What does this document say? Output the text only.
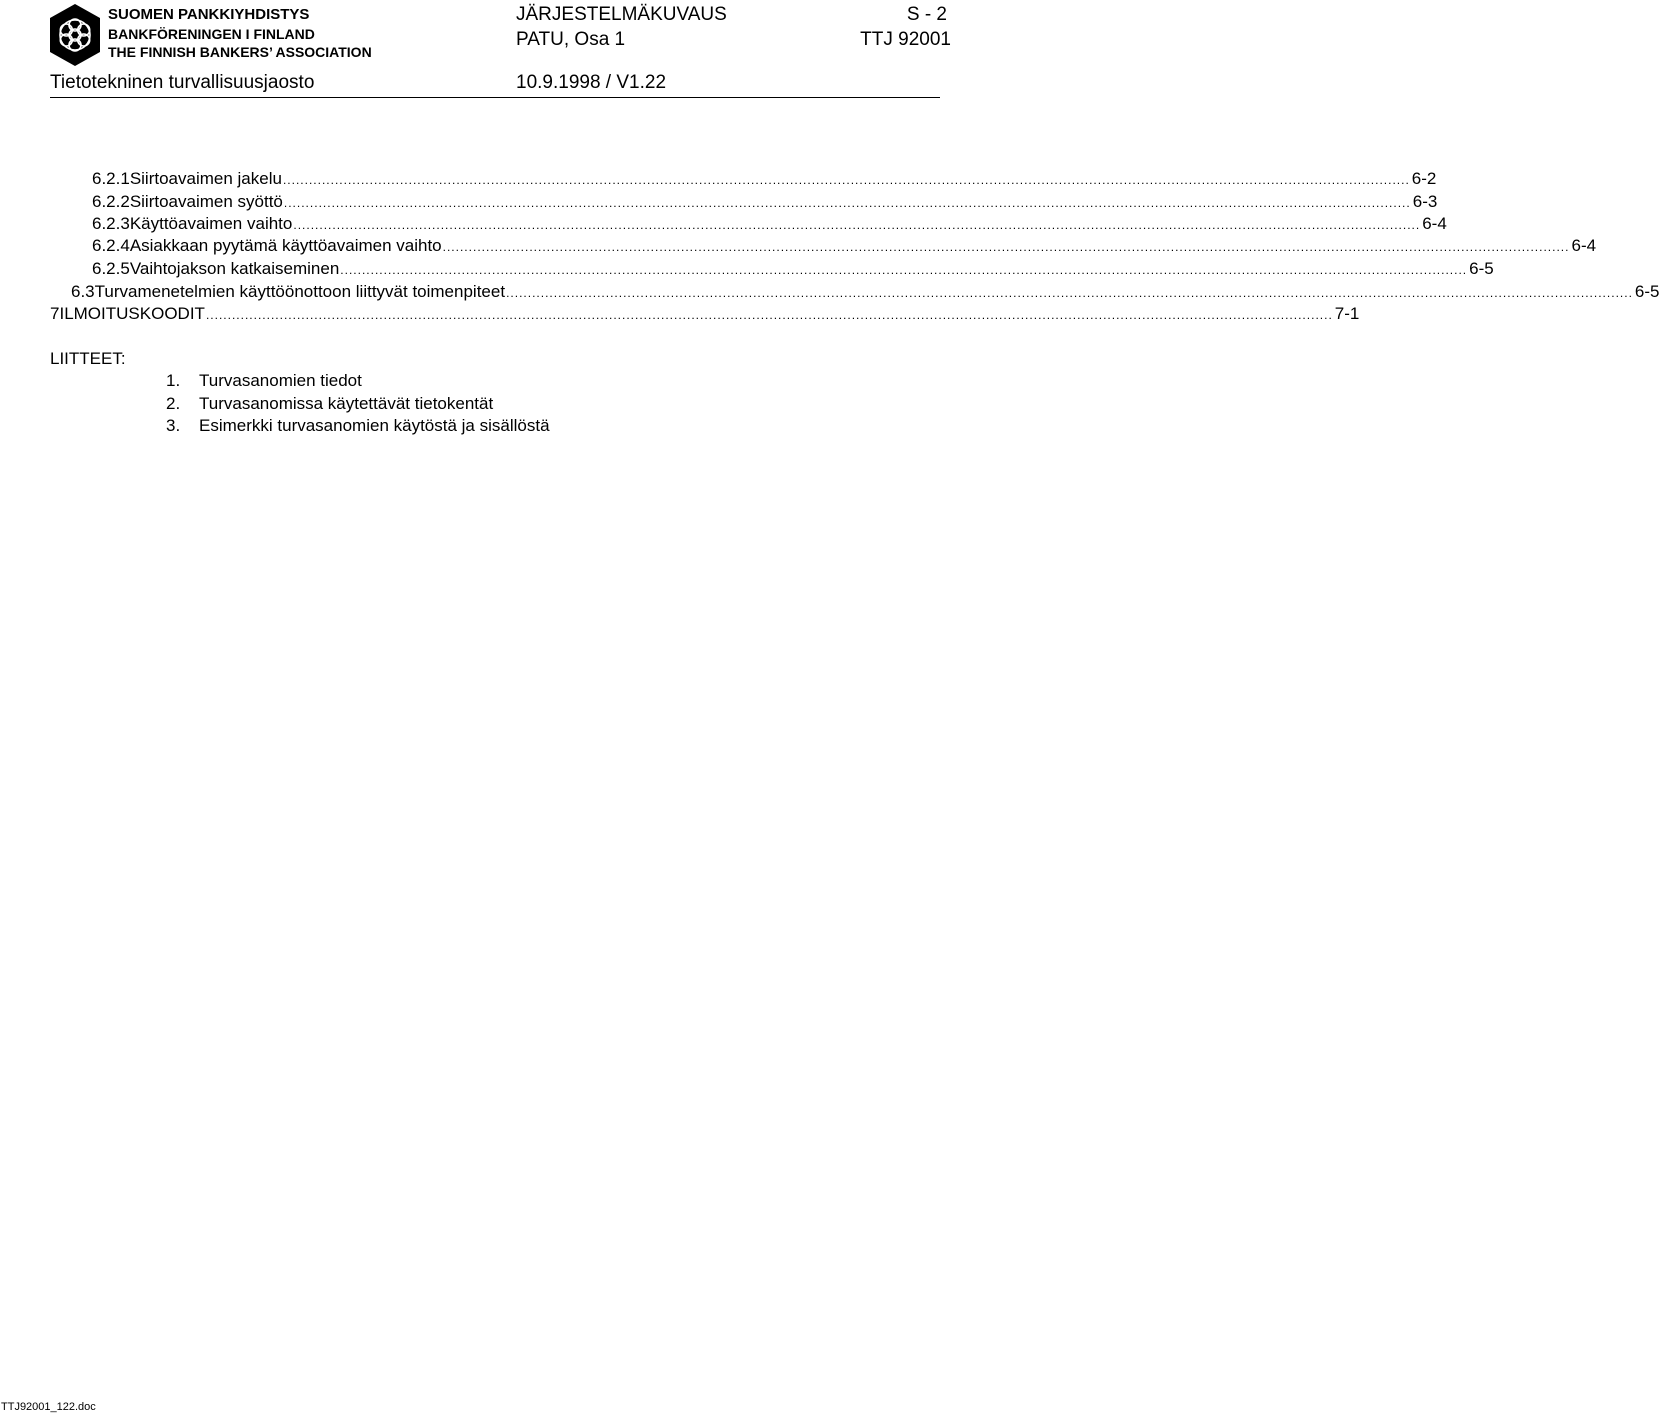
SUOMEN PANKKIYHDISTYS
BANKFÖRENINGEN I FINLAND
THE FINNISH BANKERS’ ASSOCIATION
JÄRJESTELMÄKUVAUS	S - 2
PATU, Osa 1	TTJ 92001
Tietotekninen turvallisuusjaosto	10.9.1998 / V1.22
6.2.1 Siirtoavaimen jakelu .................................................................................................................................................................................................................................................................... 6-2
6.2.2 Siirtoavaimen syöttö .................................................................................................................................................................................................................................................................... 6-3
6.2.3 Käyttöavaimen vaihto .................................................................................................................................................................................................................................................................... 6-4
6.2.4 Asiakkaan pyytämä käyttöavaimen vaihto .................................................................................................................................................................................................................................................................... 6-4
6.2.5 Vaihtojakson katkaiseminen .................................................................................................................................................................................................................................................................... 6-5
6.3 Turvamenetelmien käyttöönottoon liittyvät toimenpiteet .................................................................................................................................................................................................................................................................... 6-5
7 ILMOITUSKOODIT .................................................................................................................................................................................................................................................................... 7-1
LIITTEET:
1. Turvasanomien tiedot
2. Turvasanomissa käytettävät tietokentät
3. Esimerkki turvasanomien käytöstä ja sisällöstä
TTJ92001_122.doc
